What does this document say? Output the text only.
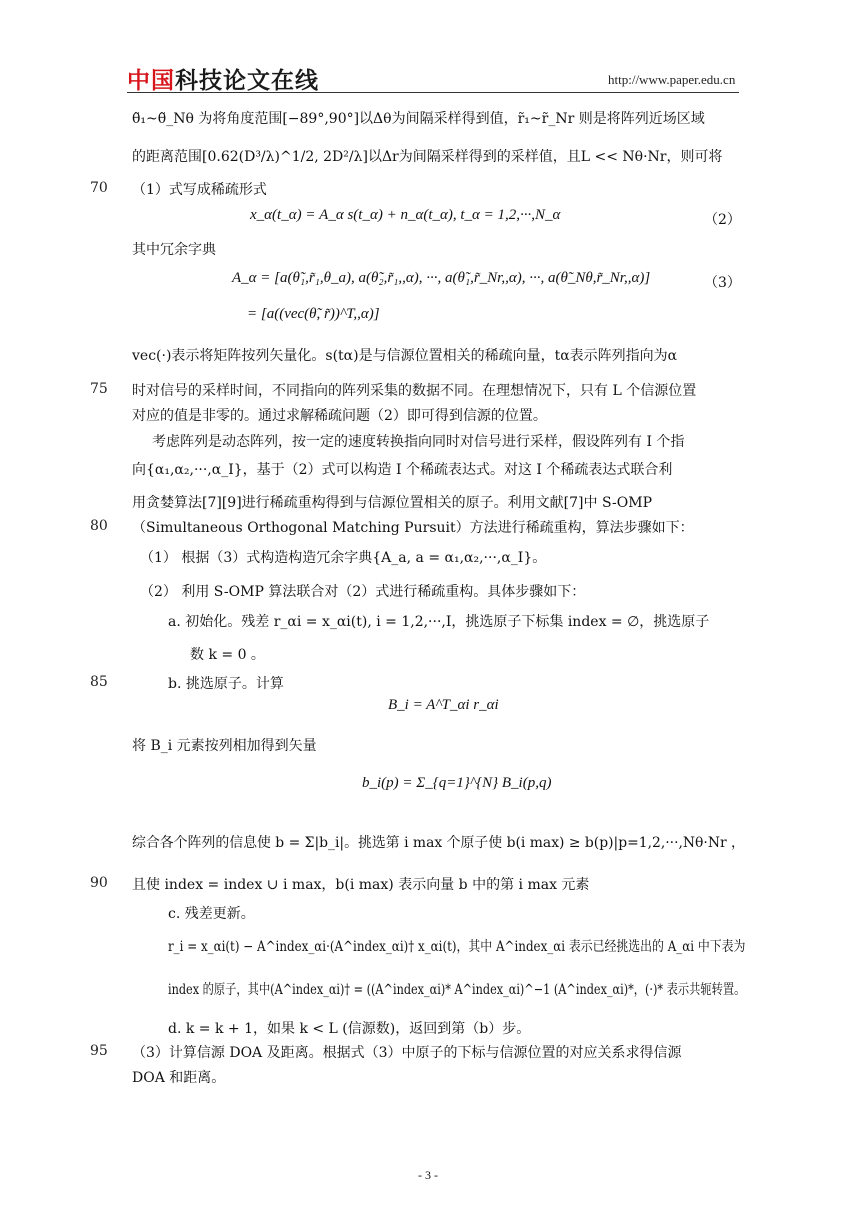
中国科技论文在线	http://www.paper.edu.cn
θ̃₁~θ̃_Nθ 为将角度范围[−89°,90°]以Δθ为间隔采样得到值，r̃₁~r̃_Nr 则是将阵列近场区域
的距离范围[0.62(D³/λ)^1/2, 2D²/λ]以Δr为间隔采样得到的采样值，且L << Nθ·Nr，则可将
70 （1）式写成稀疏形式
其中冗余字典
vec(·)表示将矩阵按列矢量化。s(tα)是与信源位置相关的稀疏向量，tα表示阵列指向为α
75 时对信号的采样时间，不同指向的阵列采集的数据不同。在理想情况下，只有 L 个信源位置
对应的值是非零的。通过求解稀疏问题（2）即可得到信源的位置。
考虑阵列是动态阵列，按一定的速度转换指向同时对信号进行采样，假设阵列有 I 个指
向{α₁,α₂,···,α_I}，基于（2）式可以构造 I 个稀疏表达式。对这 I 个稀疏表达式联合利
用贪婪算法[7][9]进行稀疏重构得到与信源位置相关的原子。利用文献[7]中 S-OMP
80 （Simultaneous Orthogonal Matching Pursuit）方法进行稀疏重构，算法步骤如下：
（1） 根据（3）式构造构造冗余字典{A_a, a = α₁,α₂,···,α_I}。
（2） 利用 S-OMP 算法联合对（2）式进行稀疏重构。具体步骤如下：
a. 初始化。残差 r_αi = x_αi(t), i = 1,2,···,I，挑选原子下标集 index = ∅，挑选原子
数 k = 0 。
85	b. 挑选原子。计算
将 B_i 元素按列相加得到矢量
综合各个阵列的信息使 b = Σ|b_i|。挑选第 i max 个原子使 b(i max) ≥ b(p)|p=1,2,···,Nθ·Nr ，
90 且使 index = index ∪ i max，b(i max) 表示向量 b 中的第 i max 元素
c. 残差更新。
r_i = x_αi(t) − A^index_αi·(A^index_αi)† x_αi(t)，其中 A^index_αi 表示已经挑选出的 A_αi 中下表为
index 的原子，其中(A^index_αi)† = ((A^index_αi)* A^index_αi)^−1 (A^index_αi)*，(·)* 表示共轭转置。
d. k = k + 1，如果 k < L (信源数)，返回到第（b）步。
95 （3）计算信源 DOA 及距离。根据式（3）中原子的下标与信源位置的对应关系求得信源
DOA 和距离。
x_α(t_α) = A_α s(t_α) + n_α(t_α), t_α = 1,2,···,N_α	（2）
A_α = [a(θ̃₁,r̃₁,θ_a), a(θ̃₂,r̃₁,,α), ···, a(θ̃₁,r̃_Nr,,α), ···, a(θ̃_Nθ,r̃_Nr,,α)]	（3）
= [a((vec(θ̃, r̃))^T,,α)]
B_i = A^T_αi r_αi
b_i(p) = Σ_{q=1}^{N} B_i(p,q)
- 3 -
